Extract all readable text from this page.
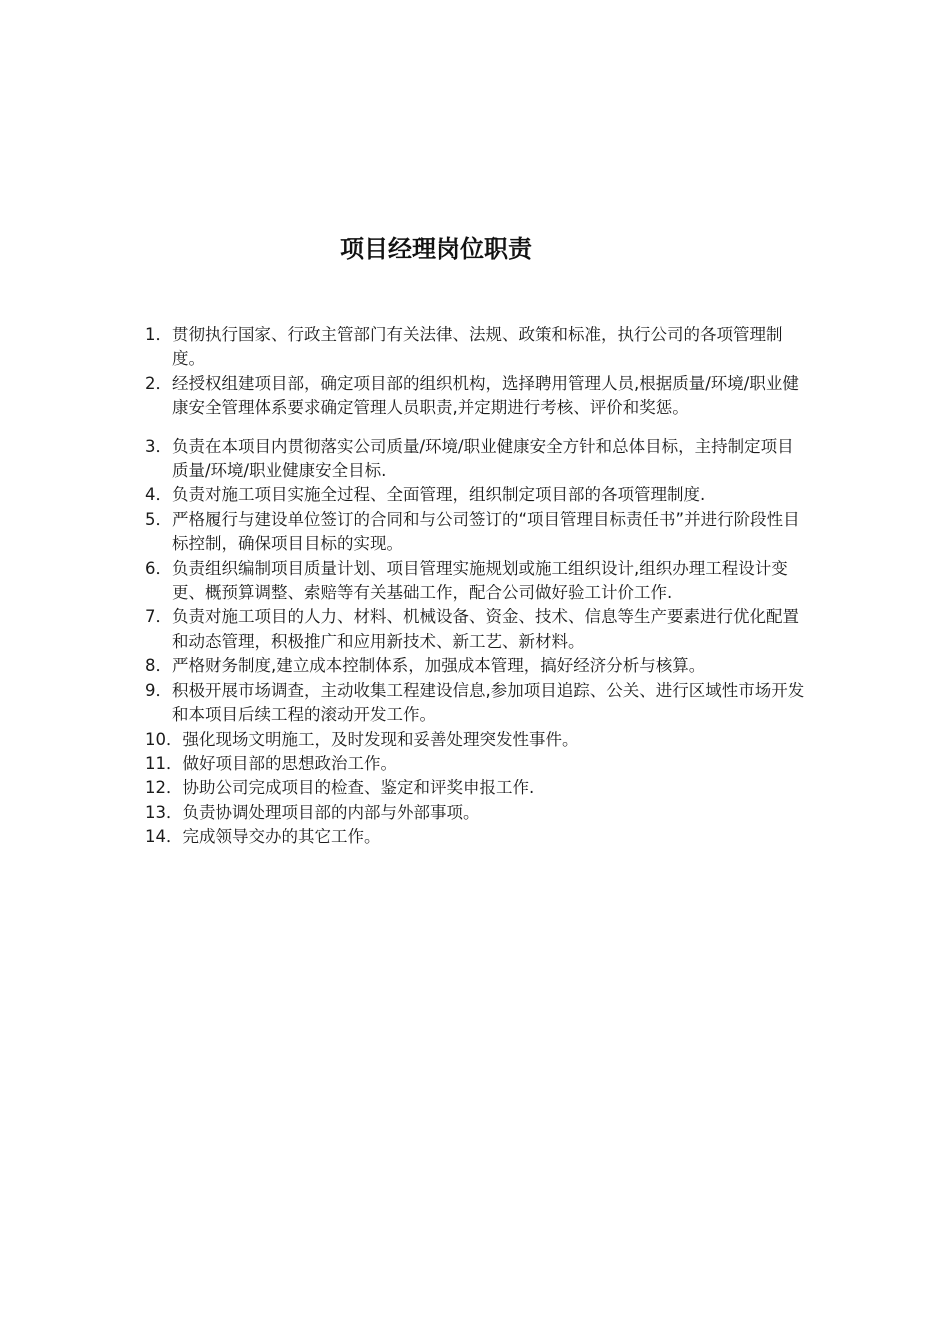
项目经理岗位职责
1． 贯彻执行国家、行政主管部门有关法律、法规、政策和标准，执行公司的各项管理制度。
2． 经授权组建项目部，确定项目部的组织机构，选择聘用管理人员,根据质量/环境/职业健康安全管理体系要求确定管理人员职责,并定期进行考核、评价和奖惩。
3． 负责在本项目内贯彻落实公司质量/环境/职业健康安全方针和总体目标，主持制定项目质量/环境/职业健康安全目标.
4． 负责对施工项目实施全过程、全面管理，组织制定项目部的各项管理制度.
5． 严格履行与建设单位签订的合同和与公司签订的“项目管理目标责任书”并进行阶段性目标控制，确保项目目标的实现。
6． 负责组织编制项目质量计划、项目管理实施规划或施工组织设计,组织办理工程设计变更、概预算调整、索赔等有关基础工作，配合公司做好验工计价工作.
7． 负责对施工项目的人力、材料、机械设备、资金、技术、信息等生产要素进行优化配置和动态管理，积极推广和应用新技术、新工艺、新材料。
8． 严格财务制度,建立成本控制体系，加强成本管理，搞好经济分析与核算。
9． 积极开展市场调查，主动收集工程建设信息,参加项目追踪、公关、进行区域性市场开发和本项目后续工程的滚动开发工作。
10． 强化现场文明施工，及时发现和妥善处理突发性事件。
11． 做好项目部的思想政治工作。
12． 协助公司完成项目的检查、鉴定和评奖申报工作.
13． 负责协调处理项目部的内部与外部事项。
14． 完成领导交办的其它工作。
